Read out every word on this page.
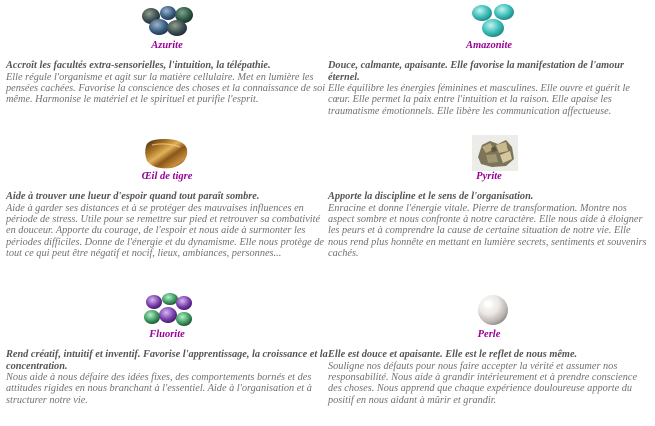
Azurite

Accroît les facultés extra-sensorielles, l'intuition, la télépathie.

Elle régule l'organisme et agit sur la matière cellulaire. Met en lumière les pensées cachées. Favorise la conscience des choses et la connaissance de soi même. Harmonise le matériel et le spirituel et purifie l'esprit.

Amazonite

Douce, calmante, apaisante. Elle favorise la manifestation de l'amour éternel.

Elle équilibre les énergies féminines et masculines. Elle ouvre et guérit le cœur. Elle permet la paix entre l'intuition et la raison. Elle apaise les traumatisme émotionnels. Elle libère les communication affectueuse.

Œil de tigre

Aide à trouver une lueur d'espoir quand tout paraît sombre.

Aide à garder ses distances et à se protéger des mauvaises influences en période de stress. Utile pour se remettre sur pied et retrouver sa combativité en douceur. Apporte du courage, de l'espoir et nous aide à surmonter les périodes difficiles. Donne de l'énergie et du dynamisme. Elle nous protège de tout ce qui peut être négatif et nocif, lieux, ambiances, personnes...

Pyrite

Apporte la discipline et le sens de l'organisation.

Enracine et donne l'énergie vitale. Pierre de transformation. Montre nos aspect sombre et nous confronte à notre caractère. Elle nous aide à éloigner les peurs et à comprendre la cause de certaine situation de notre vie. Elle nous rend plus honnête en mettant en lumière secrets, sentiments et souvenirs cachés.

Fluorite

Rend créatif, intuitif et inventif. Favorise l'apprentissage, la croissance et la concentration.

Nous aide à nous défaire des idées fixes, des comportements bornés et des attitudes rigides en nous branchant à l'essentiel. Aide à l'organisation et à structurer notre vie.

Perle

Elle est douce et apaisante. Elle est le reflet de nous même.

Souligne nos défauts pour nous faire accepter la vérité et assumer nos responsabilité. Nous aide à grandir intérieurement et à prendre conscience des choses. Nous apprend que chaque expérience douloureuse apporte du positif en nous aidant à mûrir et grandir.
